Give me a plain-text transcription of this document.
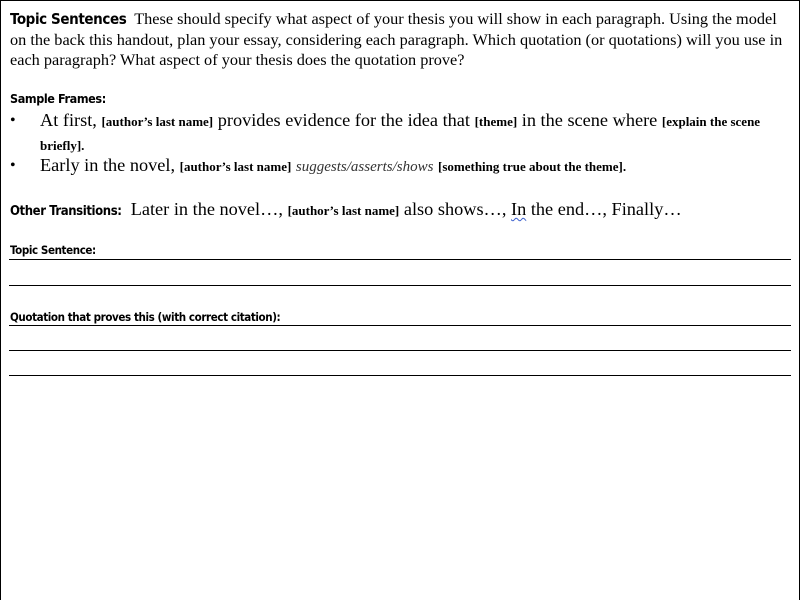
Topic Sentences These should specify what aspect of your thesis you will show in each paragraph. Using the model on the back this handout, plan your essay, considering each paragraph. Which quotation (or quotations) will you use in each paragraph? What aspect of your thesis does the quotation prove?
Sample Frames:
• At first, [author’s last name] provides evidence for the idea that [theme] in the scene where [explain the scene briefly].
• Early in the novel, [author’s last name] suggests/asserts/shows [something true about the theme].
Other Transitions: Later in the novel…, [author’s last name] also shows…, In the end…, Finally…
Topic Sentence:
Quotation that proves this (with correct citation):
